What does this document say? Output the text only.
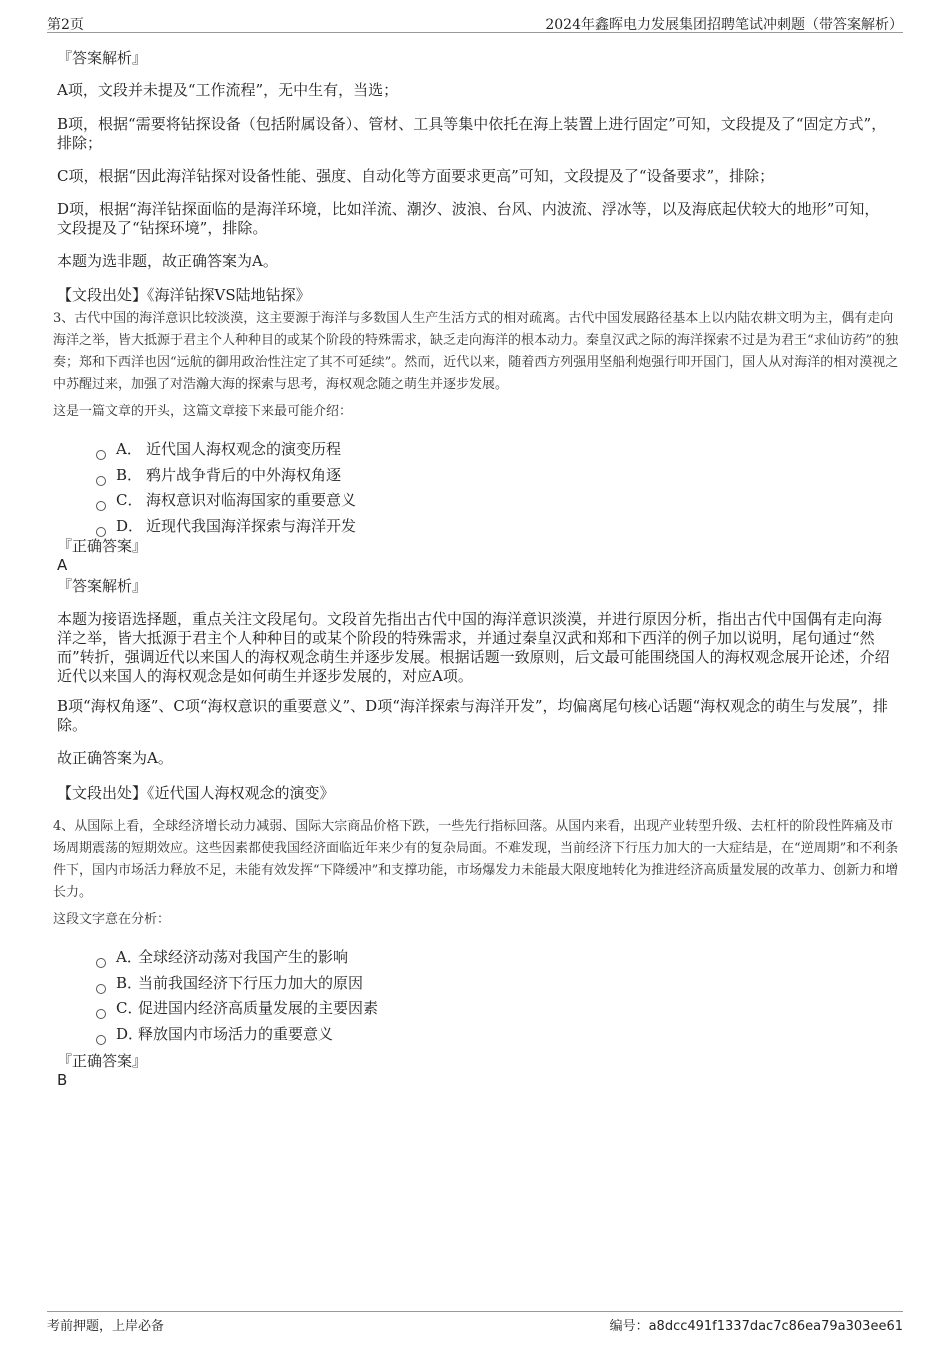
第2页	2024年鑫晖电力发展集团招聘笔试冲刺题（带答案解析）
『答案解析』
A项，文段并未提及“工作流程”，无中生有，当选；
B项，根据“需要将钻探设备（包括附属设备）、管材、工具等集中依托在海上装置上进行固定”可知，文段提及了“固定方式”，排除；
C项，根据“因此海洋钻探对设备性能、强度、自动化等方面要求更高”可知，文段提及了“设备要求”，排除；
D项，根据“海洋钻探面临的是海洋环境，比如洋流、潮汐、波浪、台风、内波流、浮冰等，以及海底起伏较大的地形”可知，文段提及了“钻探环境”，排除。
本题为选非题，故正确答案为A。
【文段出处】《海洋钻探VS陆地钻探》
3、古代中国的海洋意识比较淡漠，这主要源于海洋与多数国人生产生活方式的相对疏离。古代中国发展路径基本上以内陆农耕文明为主，偶有走向海洋之举，皆大抵源于君主个人种种目的或某个阶段的特殊需求，缺乏走向海洋的根本动力。秦皇汉武之际的海洋探索不过是为君王“求仙访药”的独奏；郑和下西洋也因“远航的御用政治性注定了其不可延续”。然而，近代以来，随着西方列强用坚船利炮强行叩开国门，国人从对海洋的相对漠视之中苏醒过来，加强了对浩瀚大海的探索与思考，海权观念随之萌生并逐步发展。
这是一篇文章的开头，这篇文章接下来最可能介绍：
A． 近代国人海权观念的演变历程
B． 鸦片战争背后的中外海权角逐
C． 海权意识对临海国家的重要意义
D． 近现代我国海洋探索与海洋开发
『正确答案』
A
『答案解析』
本题为接语选择题，重点关注文段尾句。文段首先指出古代中国的海洋意识淡漠，并进行原因分析，指出古代中国偶有走向海洋之举，皆大抵源于君主个人种种目的或某个阶段的特殊需求，并通过秦皇汉武和郑和下西洋的例子加以说明，尾句通过“然而”转折，强调近代以来国人的海权观念萌生并逐步发展。根据话题一致原则，后文最可能围绕国人的海权观念展开论述，介绍近代以来国人的海权观念是如何萌生并逐步发展的，对应A项。
B项“海权角逐”、C项“海权意识的重要意义”、D项“海洋探索与海洋开发”，均偏离尾句核心话题“海权观念的萌生与发展”，排除。
故正确答案为A。
【文段出处】《近代国人海权观念的演变》
4、从国际上看，全球经济增长动力减弱、国际大宗商品价格下跌，一些先行指标回落。从国内来看，出现产业转型升级、去杠杆的阶段性阵痛及市场周期震荡的短期效应。这些因素都使我国经济面临近年来少有的复杂局面。不难发现，当前经济下行压力加大的一大症结是，在“逆周期”和不利条件下，国内市场活力释放不足，未能有效发挥“下降缓冲”和支撑功能，市场爆发力未能最大限度地转化为推进经济高质量发展的改革力、创新力和增长力。
这段文字意在分析：
A．全球经济动荡对我国产生的影响
B．当前我国经济下行压力加大的原因
C．促进国内经济高质量发展的主要因素
D．释放国内市场活力的重要意义
『正确答案』
B
考前押题，上岸必备	编号：a8dcc491f1337dac7c86ea79a303ee61
